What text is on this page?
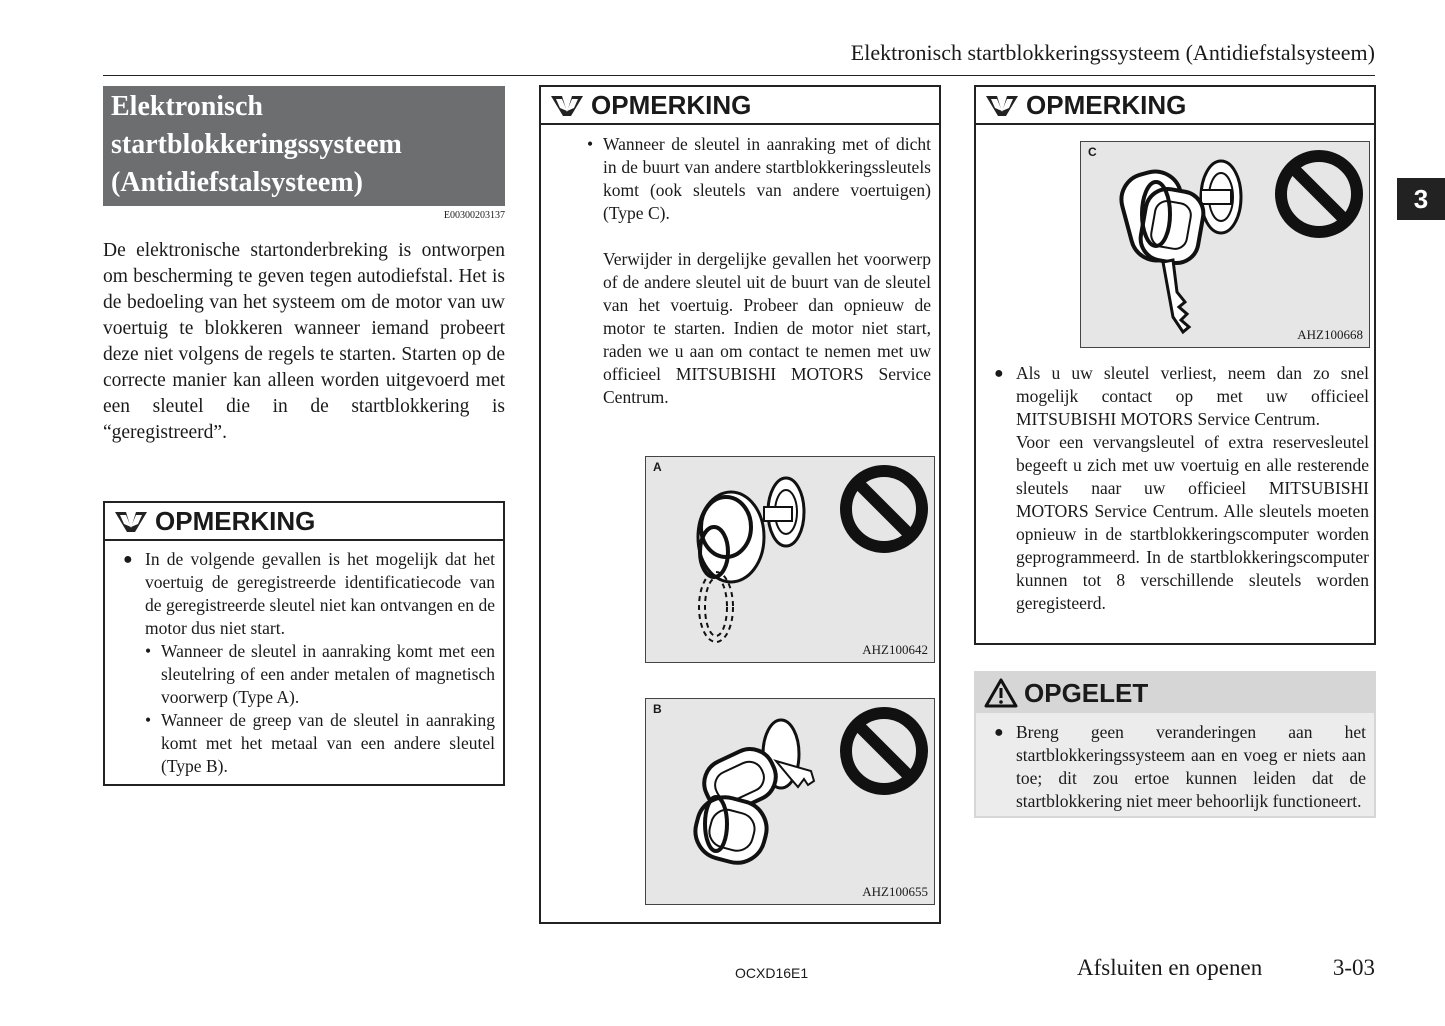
Elektronisch startblokkeringssysteem (Antidiefstalsysteem)
3
Elektronisch
startblokkeringssysteem
(Antidiefstalsysteem)
E00300203137
De elektronische startonderbreking is ontworpen om bescherming te geven tegen autodiefstal. Het is de bedoeling van het systeem om de motor van uw voertuig te blokkeren wanneer iemand probeert deze niet volgens de regels te starten. Starten op de correcte manier kan alleen worden uitgevoerd met een sleutel die in de startblokkering is “geregistreerd”.
OPMERKING
● In de volgende gevallen is het mogelijk dat het voertuig de geregistreerde identificatiecode van de geregistreerde sleutel niet kan ontvangen en de motor dus niet start.
• Wanneer de sleutel in aanraking komt met een sleutelring of een ander metalen of magnetisch voorwerp (Type A).
• Wanneer de greep van de sleutel in aanraking komt met het metaal van een andere sleutel (Type B).
OPMERKING
• Wanneer de sleutel in aanraking met of dicht in de buurt van andere startblokkeringssleutels komt (ook sleutels van andere voertuigen) (Type C).
Verwijder in dergelijke gevallen het voorwerp of de andere sleutel uit de buurt van de sleutel van het voertuig. Probeer dan opnieuw de motor te starten. Indien de motor niet start, raden we u aan om contact te nemen met uw officieel MITSUBISHI MOTORS Service Centrum.
A
AHZ100642
B
AHZ100655
OPMERKING
C
AHZ100668
● Als u uw sleutel verliest, neem dan zo snel mogelijk contact op met uw officieel MITSUBISHI MOTORS Service Centrum.
Voor een vervangsleutel of extra reservesleutel begeeft u zich met uw voertuig en alle resterende sleutels naar uw officieel MITSUBISHI MOTORS Service Centrum. Alle sleutels moeten opnieuw in de startblokkeringscomputer worden geprogrammeerd. In de startblokkeringscomputer kunnen tot 8 verschillende sleutels worden geregisteerd.
OPGELET
● Breng geen veranderingen aan het startblokkeringssysteem aan en voeg er niets aan toe; dit zou ertoe kunnen leiden dat de startblokkering niet meer behoorlijk functioneert.
OCXD16E1	Afsluiten en openen	3-03
